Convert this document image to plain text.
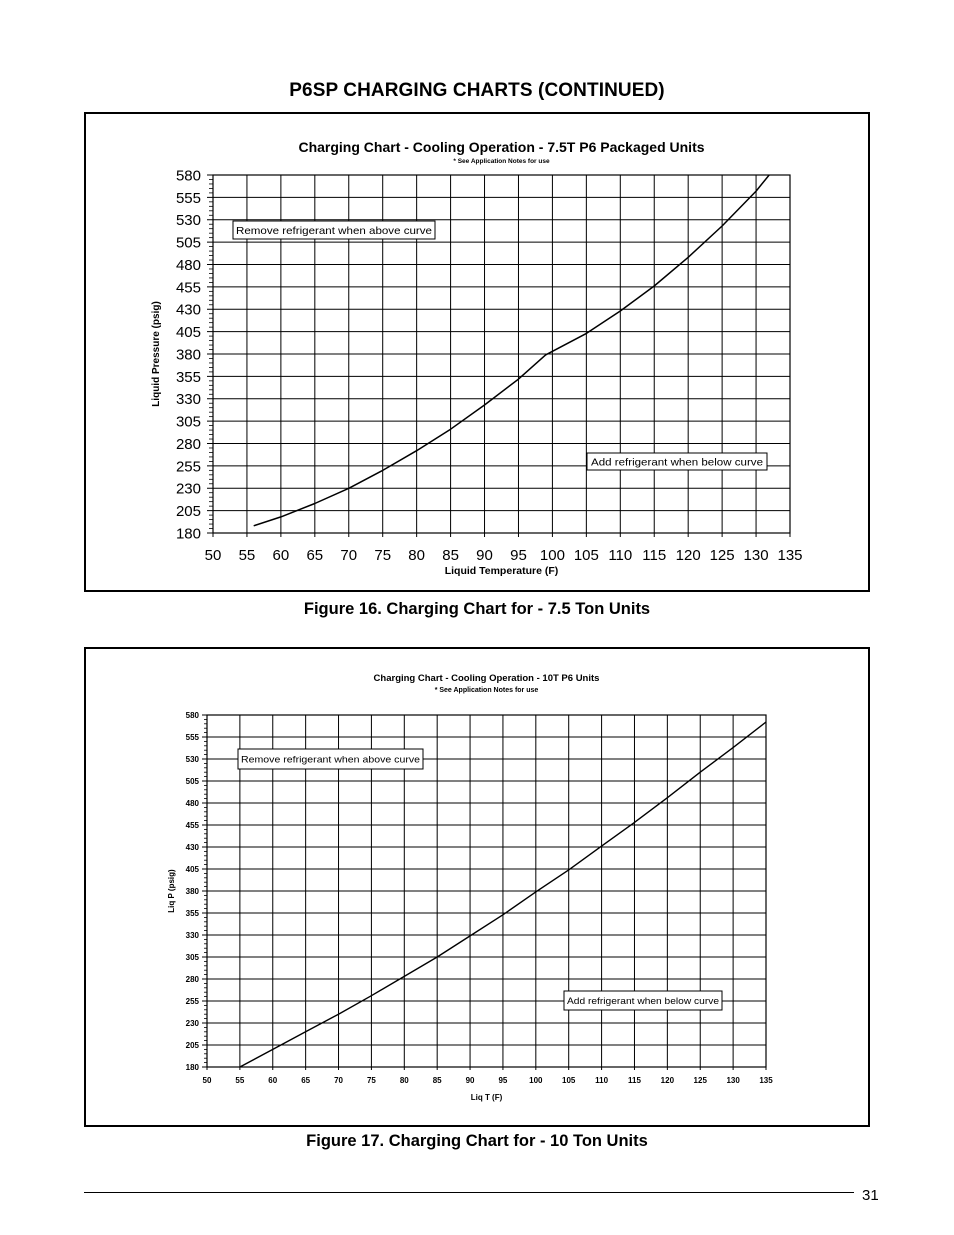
P6SP CHARGING CHARTS (CONTINUED)
Charging Chart - Cooling Operation - 7.5T P6 Packaged Units
* See Application Notes for use
180
205
230
255
280
305
330
355
380
405
430
455
480
505
530
555
580
50 55 60 65 70 75 80 85 90 95 100 105 110 115 120 125 130 135
Liquid Temperature (F)
Liquid Pressure (psig)
Remove refrigerant when above curve
Add refrigerant when below curve
Figure 16. Charging Chart for - 7.5 Ton Units
Charging Chart - Cooling Operation - 10T P6 Units
* See Application Notes for use
180
205
230
255
280
305
330
355
380
405
430
455
480
505
530
555
580
50	55	60	65	70	75	80	85	90	95	100 105 110 115 120 125 130 135
Liq T (F)
Liq P (psig)
Remove refrigerant when above curve
Add refrigerant when below curve
Figure 17. Charging Chart for - 10 Ton Units
31
